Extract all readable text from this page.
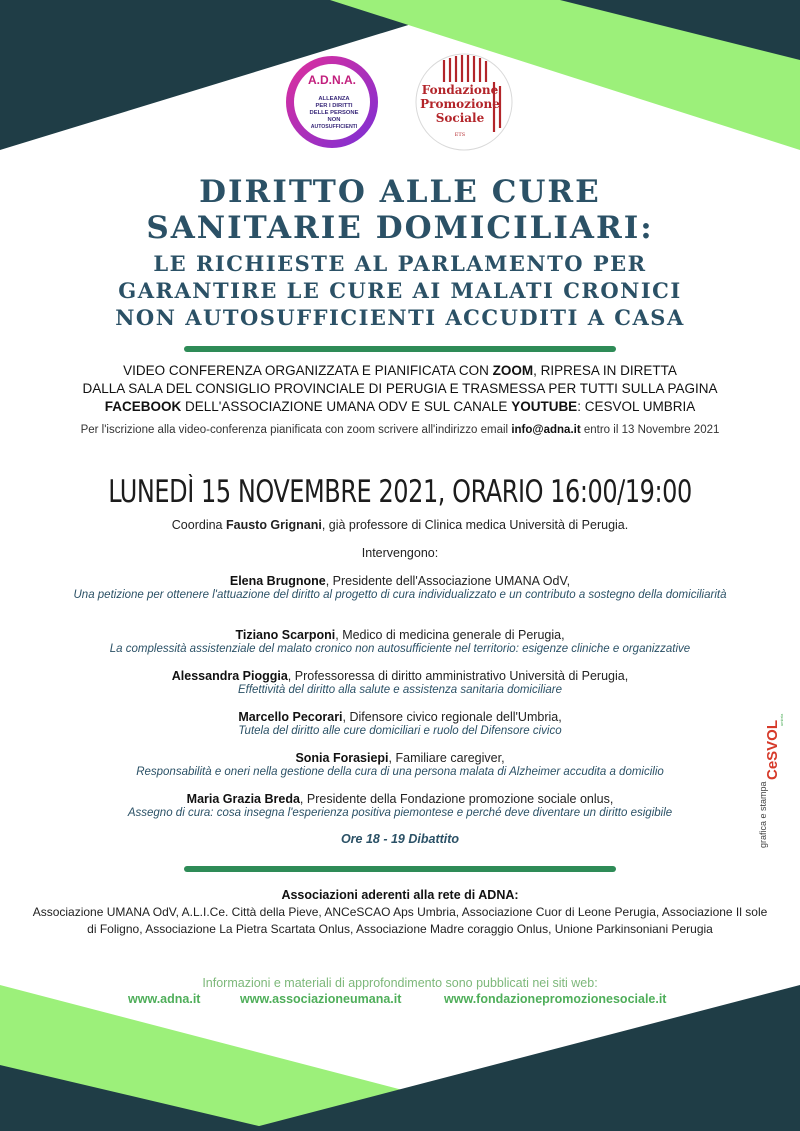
A.D.N.A.
ALLEANZA
PER I DIRITTI
DELLE PERSONE
NON
AUTOSUFFICIENTI
Fondazione
Promozione
Sociale
ETS
DIRITTO ALLE CURE
SANITARIE DOMICILIARI:
LE RICHIESTE AL PARLAMENTO PER
GARANTIRE LE CURE AI MALATI CRONICI
NON AUTOSUFFICIENTI ACCUDITI A CASA
VIDEO CONFERENZA ORGANIZZATA E PIANIFICATA CON ZOOM, RIPRESA IN DIRETTA
DALLA SALA DEL CONSIGLIO PROVINCIALE DI PERUGIA E TRASMESSA PER TUTTI SULLA PAGINA
FACEBOOK DELL'ASSOCIAZIONE UMANA ODV E SUL CANALE YOUTUBE: CESVOL UMBRIA
Per l'iscrizione alla video-conferenza pianificata con zoom scrivere all'indirizzo email info@adna.it entro il 13 Novembre 2021
LUNEDÌ 15 NOVEMBRE 2021, ORARIO 16:00/19:00
Coordina Fausto Grignani, già professore di Clinica medica Università di Perugia.
Intervengono:
Elena Brugnone, Presidente dell'Associazione UMANA OdV,
Una petizione per ottenere l'attuazione del diritto al progetto di cura individualizzato e un contributo a sostegno della domiciliarità
Tiziano Scarponi, Medico di medicina generale di Perugia,
La complessità assistenziale del malato cronico non autosufficiente nel territorio: esigenze cliniche e organizzative
Alessandra Pioggia, Professoressa di diritto amministrativo Università di Perugia,
Effettività del diritto alla salute e assistenza sanitaria domiciliare
Marcello Pecorari, Difensore civico regionale dell'Umbria,
Tutela del diritto alle cure domiciliari e ruolo del Difensore civico
Sonia Forasiepi, Familiare caregiver,
Responsabilità e oneri nella gestione della cura di una persona malata di Alzheimer accudita a domicilio
Maria Grazia Breda, Presidente della Fondazione promozione sociale onlus,
Assegno di cura: cosa insegna l'esperienza positiva piemontese e perché deve diventare un diritto esigibile
Ore 18 - 19 Dibattito
Associazioni aderenti alla rete di ADNA:
Associazione UMANA OdV, A.L.I.Ce. Città della Pieve, ANCeSCAO Aps Umbria, Associazione Cuor di Leone Perugia, Associazione Il sole di Foligno, Associazione La Pietra Scartata Onlus, Associazione Madre coraggio Onlus, Unione Parkinsoniani Perugia
Informazioni e materiali di approfondimento sono pubblicati nei siti web:
www.adna.it	www.associazioneumana.it	www.fondazionepromozionesociale.it
grafica e stampa
CeSVOL
umbria
